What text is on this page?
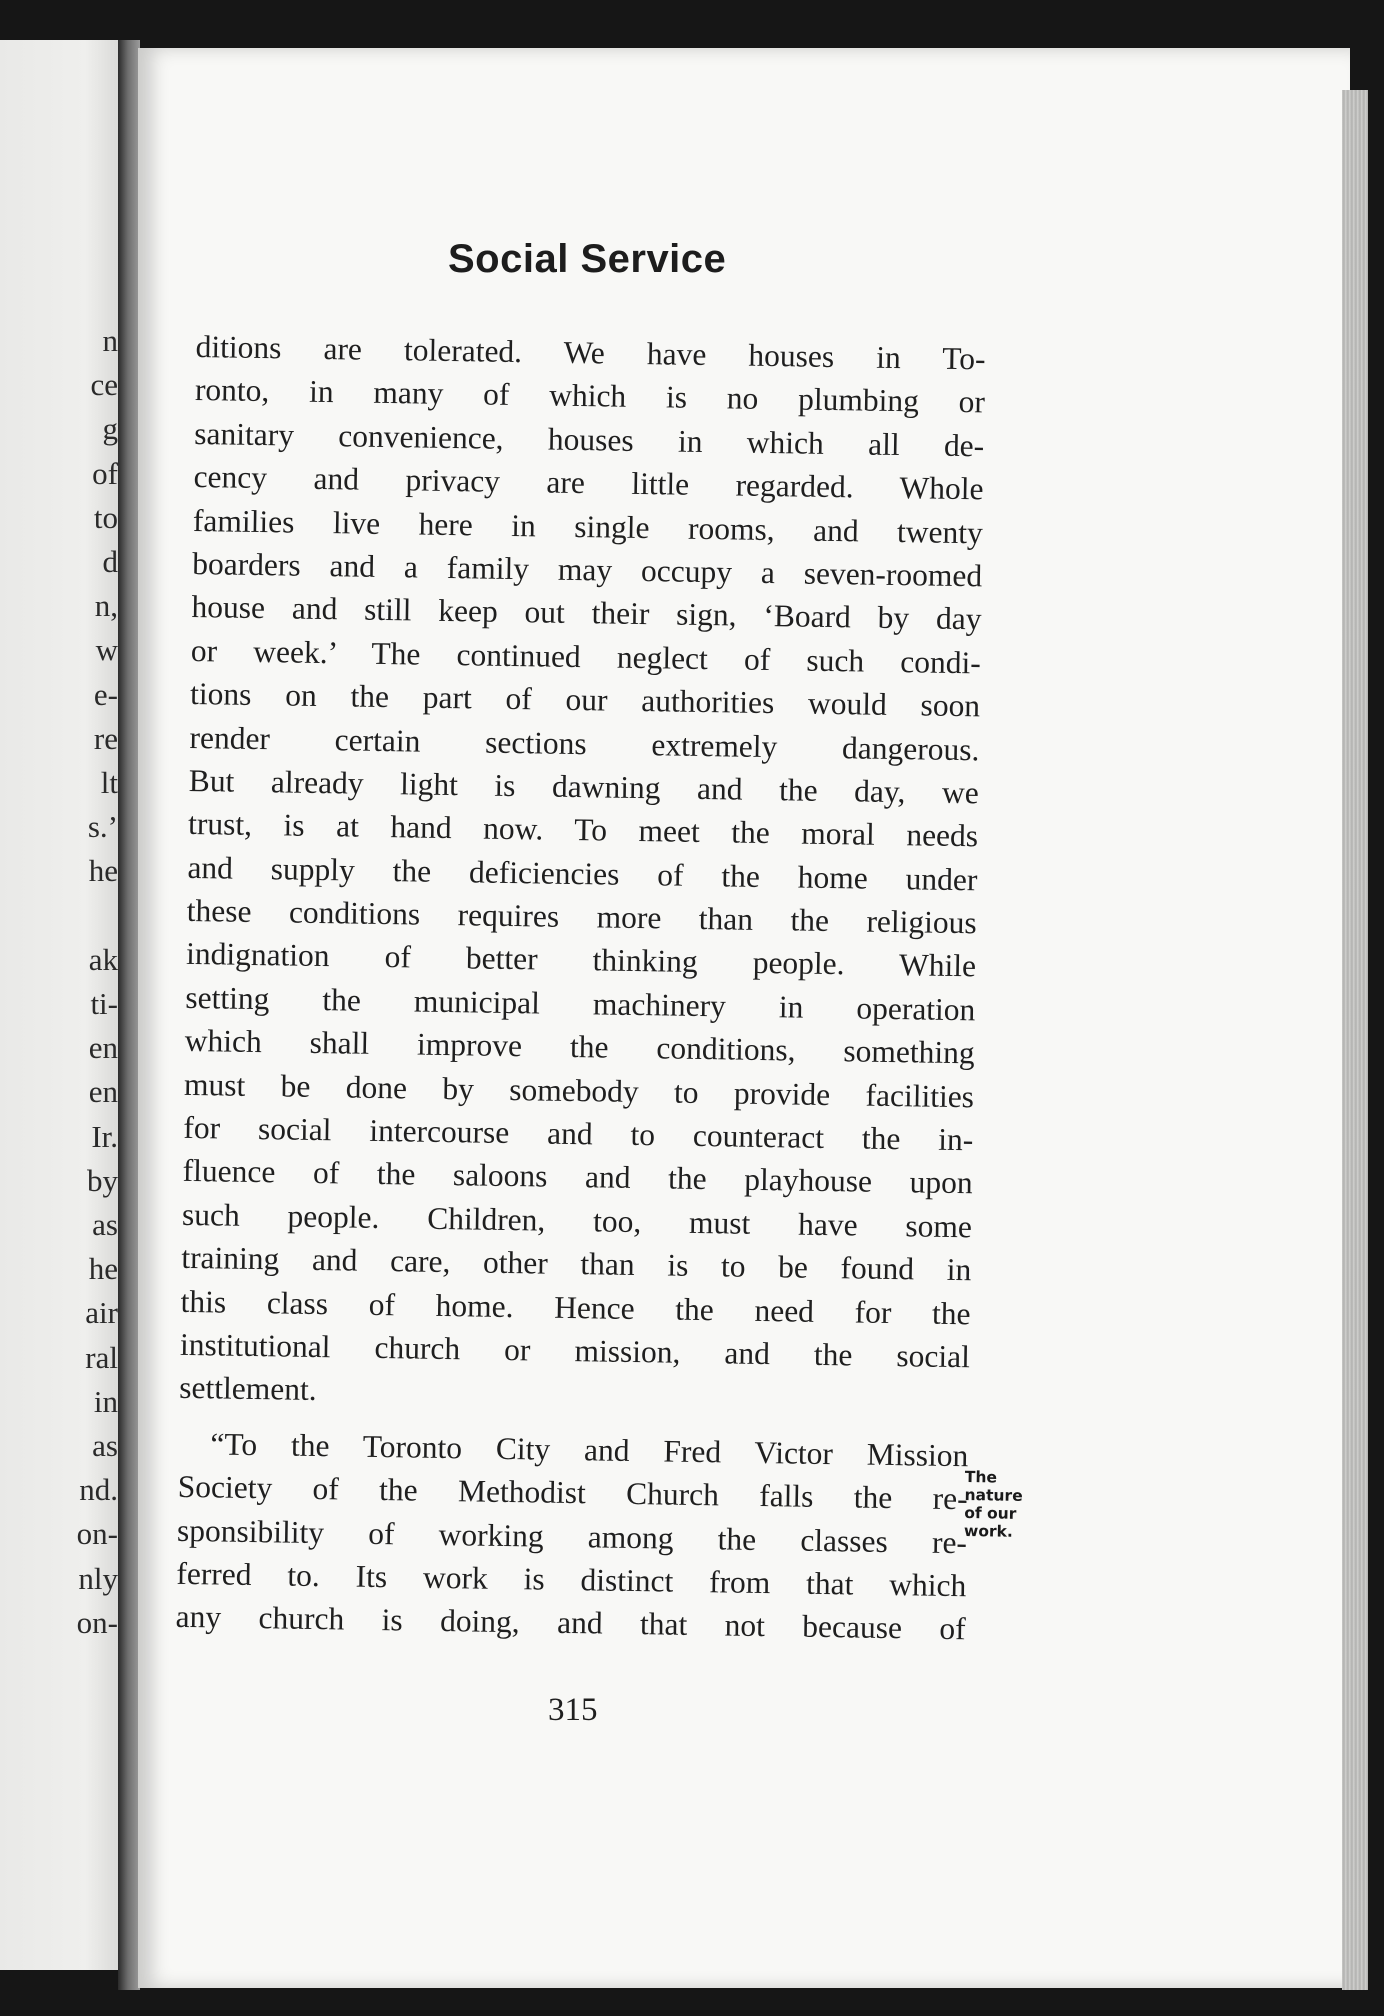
n
ce
g
of
to
d
n,
w
e-
re
lt
s.’
he
ak
ti-
en
en
Ir.
by
as
he
air
ral
in
as
nd.
on-
nly
on-
Social Service
ditions are tolerated. We have houses in To-
ronto, in many of which is no plumbing or
sanitary convenience, houses in which all de-
cency and privacy are little regarded. Whole
families live here in single rooms, and twenty
boarders and a family may occupy a seven-roomed
house and still keep out their sign, ‘Board by day
or week.’ The continued neglect of such condi-
tions on the part of our authorities would soon
render certain sections extremely dangerous.
But already light is dawning and the day, we
trust, is at hand now. To meet the moral needs
and supply the deficiencies of the home under
these conditions requires more than the religious
indignation of better thinking people. While
setting the municipal machinery in operation
which shall improve the conditions, something
must be done by somebody to provide facilities
for social intercourse and to counteract the in-
fluence of the saloons and the playhouse upon
such people. Children, too, must have some
training and care, other than is to be found in
this class of home. Hence the need for the
institutional church or mission, and the social
settlement.
“To the Toronto City and Fred Victor Mission
Society of the Methodist Church falls the re-
sponsibility of working among the classes re-
ferred to. Its work is distinct from that which
any church is doing, and that not because of
The
nature
of our
work.
315
